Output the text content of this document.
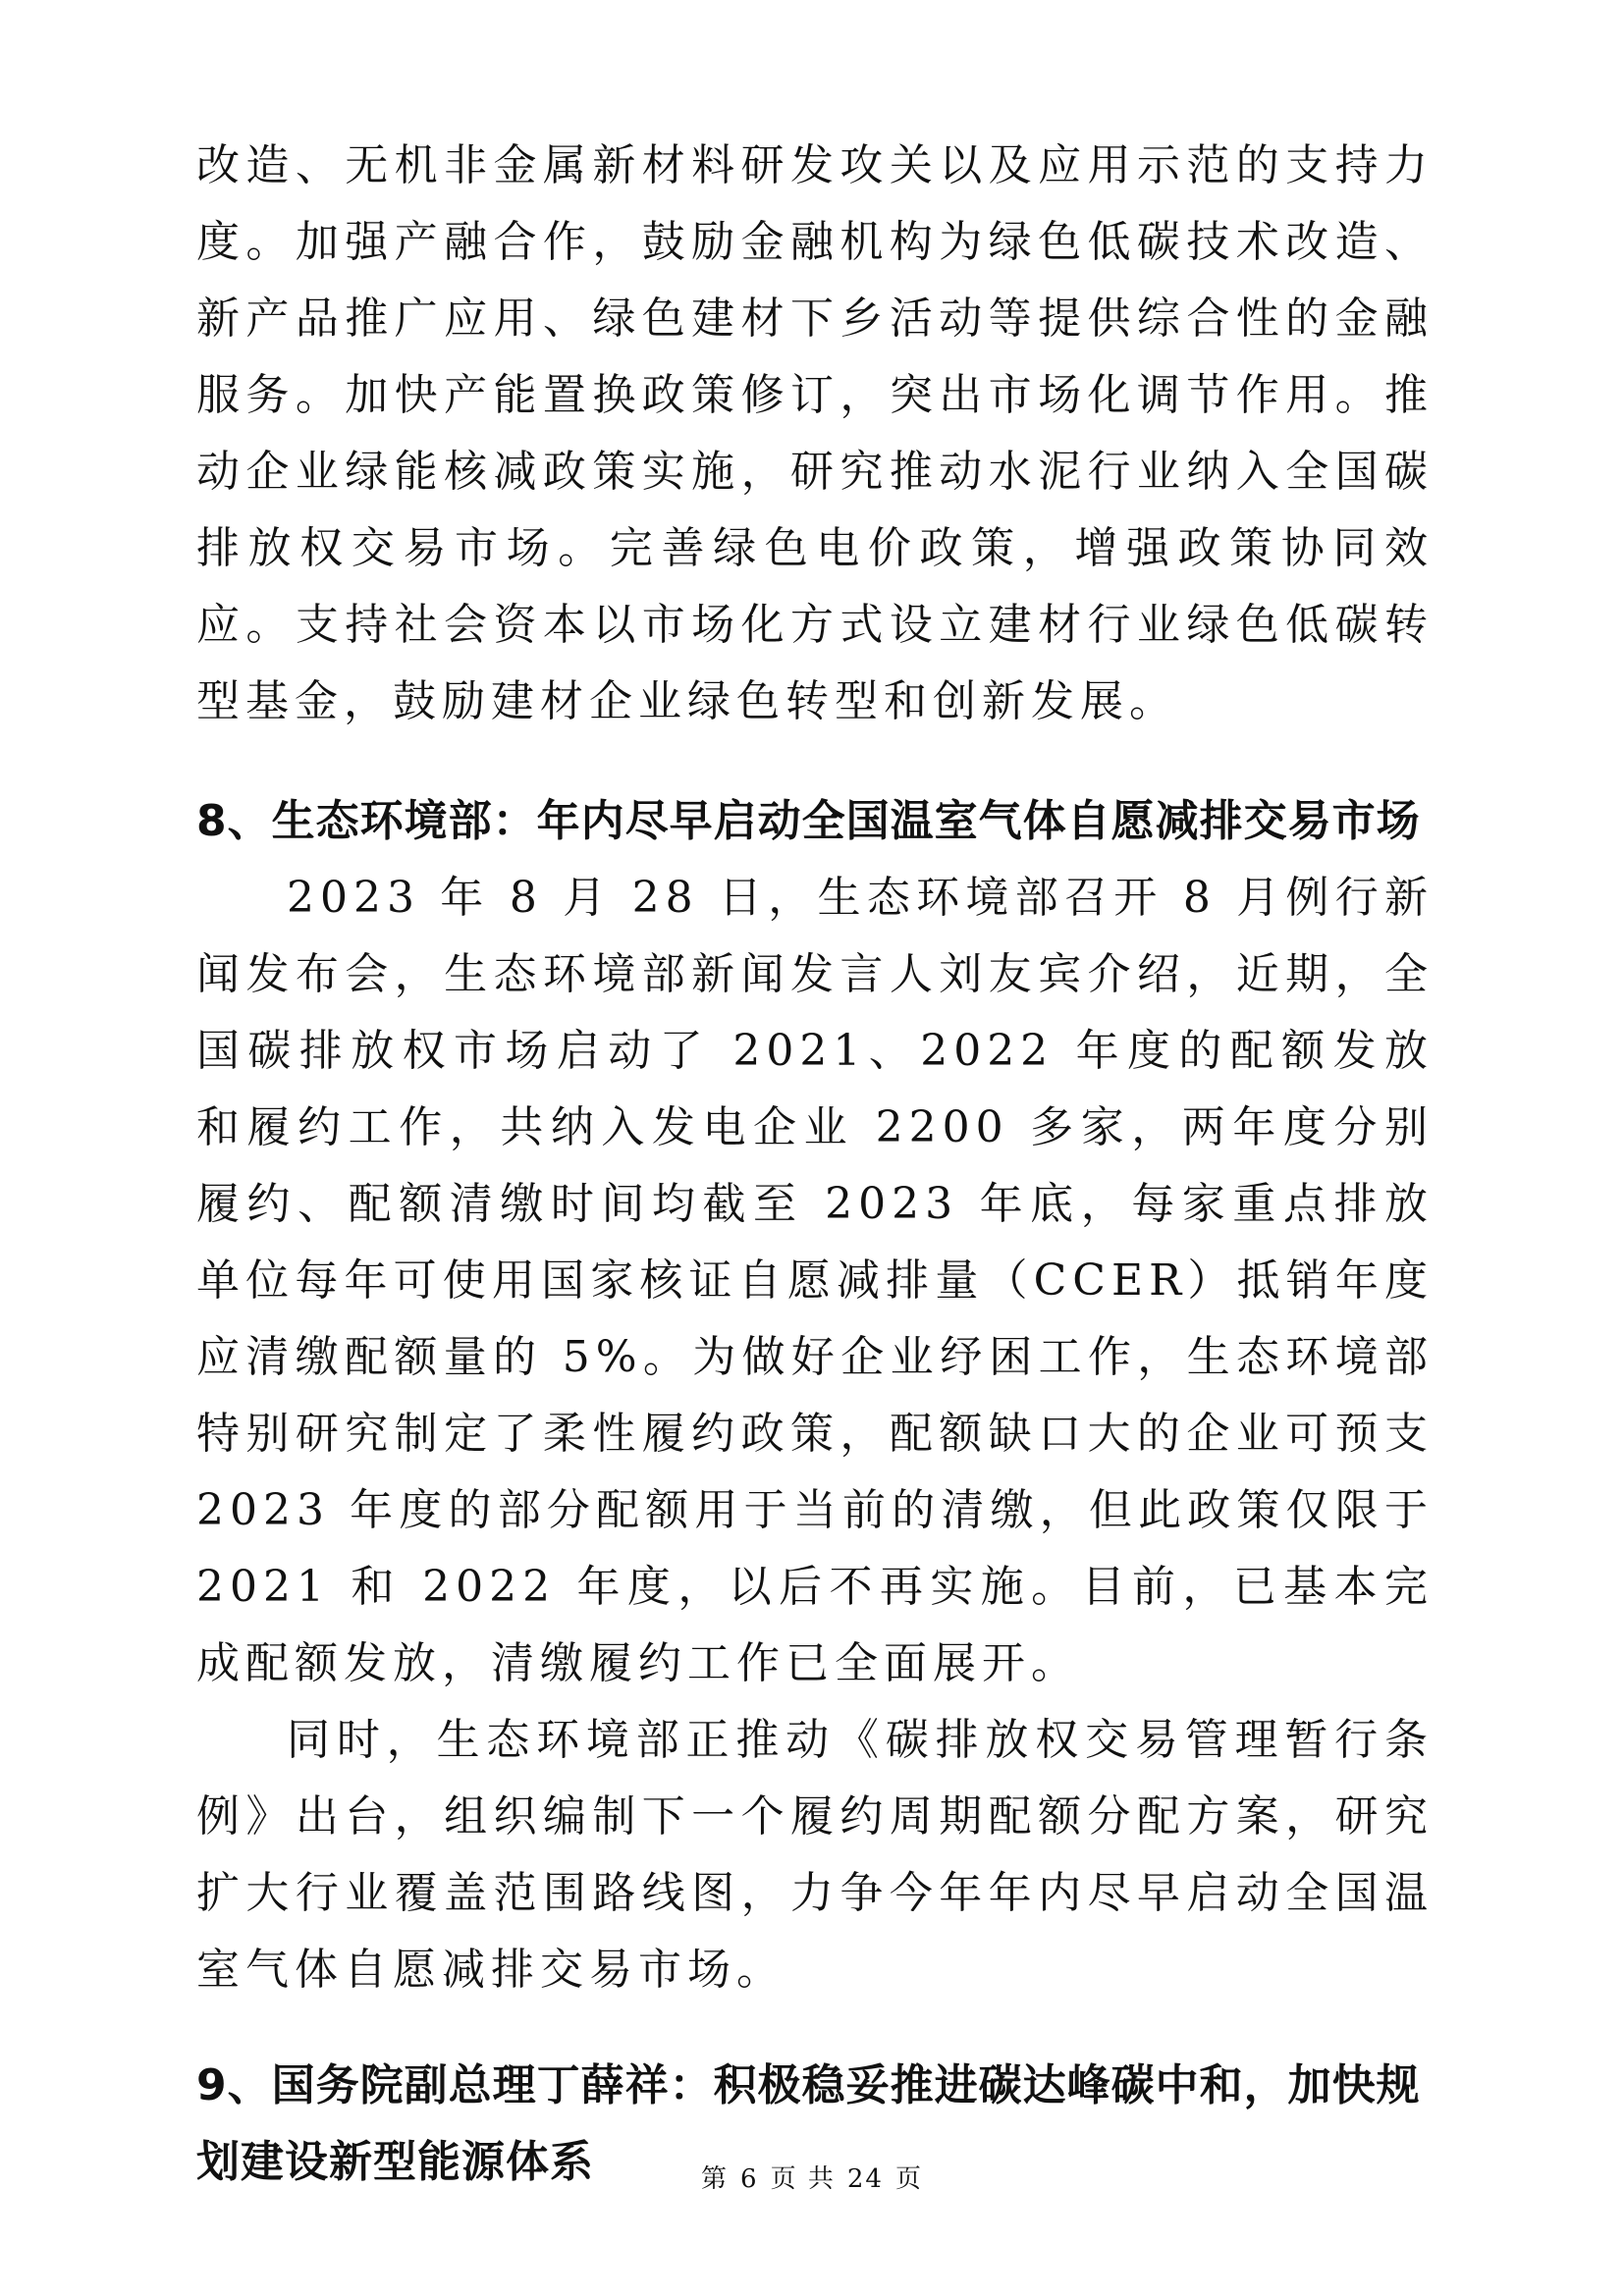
改造、无机非金属新材料研发攻关以及应用示范的支持力度。加强产融合作，鼓励金融机构为绿色低碳技术改造、新产品推广应用、绿色建材下乡活动等提供综合性的金融服务。加快产能置换政策修订，突出市场化调节作用。推动企业绿能核减政策实施，研究推动水泥行业纳入全国碳排放权交易市场。完善绿色电价政策，增强政策协同效应。支持社会资本以市场化方式设立建材行业绿色低碳转型基金，鼓励建材企业绿色转型和创新发展。

8、生态环境部：年内尽早启动全国温室气体自愿减排交易市场

2023 年 8 月 28 日，生态环境部召开 8 月例行新闻发布会，生态环境部新闻发言人刘友宾介绍，近期，全国碳排放权市场启动了 2021、2022 年度的配额发放和履约工作，共纳入发电企业 2200 多家，两年度分别履约、配额清缴时间均截至 2023 年底，每家重点排放单位每年可使用国家核证自愿减排量（CCER）抵销年度应清缴配额量的 5%。为做好企业纾困工作，生态环境部特别研究制定了柔性履约政策，配额缺口大的企业可预支 2023 年度的部分配额用于当前的清缴，但此政策仅限于 2021 和 2022 年度，以后不再实施。目前，已基本完成配额发放，清缴履约工作已全面展开。

同时，生态环境部正推动《碳排放权交易管理暂行条例》出台，组织编制下一个履约周期配额分配方案，研究扩大行业覆盖范围路线图，力争今年年内尽早启动全国温室气体自愿减排交易市场。

9、国务院副总理丁薛祥：积极稳妥推进碳达峰碳中和，加快规划建设新型能源体系	第 6 页 共 24 页
